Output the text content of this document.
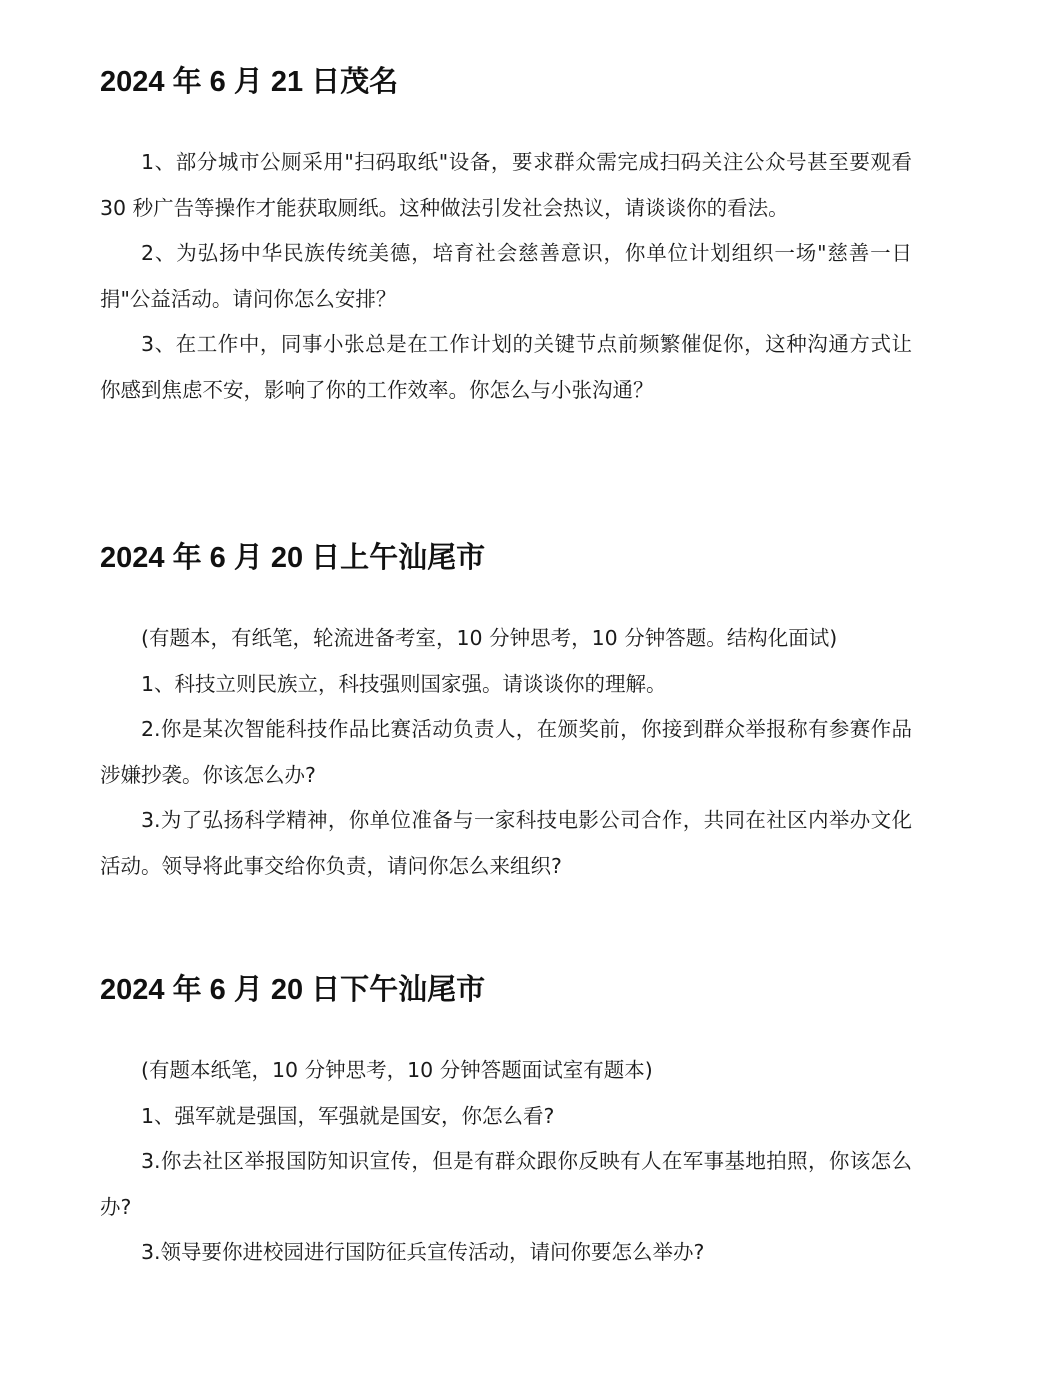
2024 年 6 月 21 日茂名

1、部分城市公厕采用"扫码取纸"设备，要求群众需完成扫码关注公众号甚至要观看 30 秒广告等操作才能获取厕纸。这种做法引发社会热议，请谈谈你的看法。

2、为弘扬中华民族传统美德，培育社会慈善意识，你单位计划组织一场"慈善一日捐"公益活动。请问你怎么安排？

3、在工作中，同事小张总是在工作计划的关键节点前频繁催促你，这种沟通方式让你感到焦虑不安，影响了你的工作效率。你怎么与小张沟通？

2024 年 6 月 20 日上午汕尾市

(有题本，有纸笔，轮流进备考室，10 分钟思考，10 分钟答题。结构化面试)

1、科技立则民族立，科技强则国家强。请谈谈你的理解。

2.你是某次智能科技作品比赛活动负责人，在颁奖前，你接到群众举报称有参赛作品涉嫌抄袭。你该怎么办?

3.为了弘扬科学精神，你单位准备与一家科技电影公司合作，共同在社区内举办文化活动。领导将此事交给你负责，请问你怎么来组织?

2024 年 6 月 20 日下午汕尾市

(有题本纸笔，10 分钟思考，10 分钟答题面试室有题本)

1、强军就是强国，军强就是国安，你怎么看?

3.你去社区举报国防知识宣传，但是有群众跟你反映有人在军事基地拍照，你该怎么办?

3.领导要你进校园进行国防征兵宣传活动，请问你要怎么举办?
